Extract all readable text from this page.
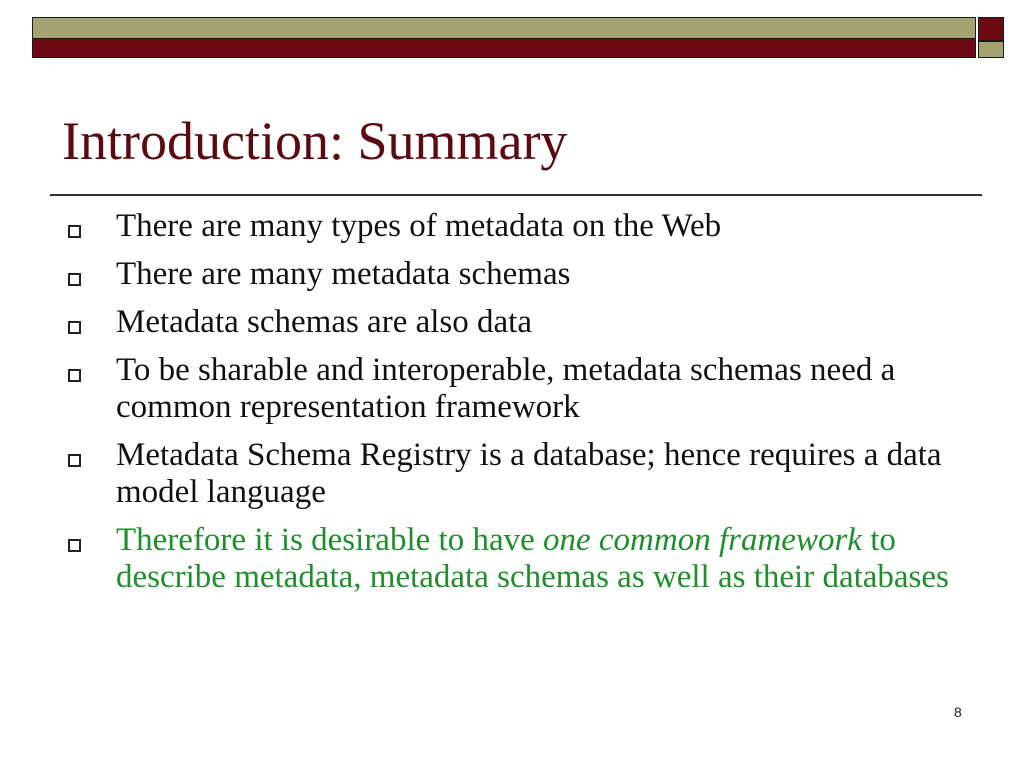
Introduction: Summary
There are many types of metadata on the Web
There are many metadata schemas
Metadata schemas are also data
To be sharable and interoperable, metadata schemas need a common representation framework
Metadata Schema Registry is a database; hence requires a data model language
Therefore it is desirable to have one common framework to describe metadata, metadata schemas as well as their databases
8
